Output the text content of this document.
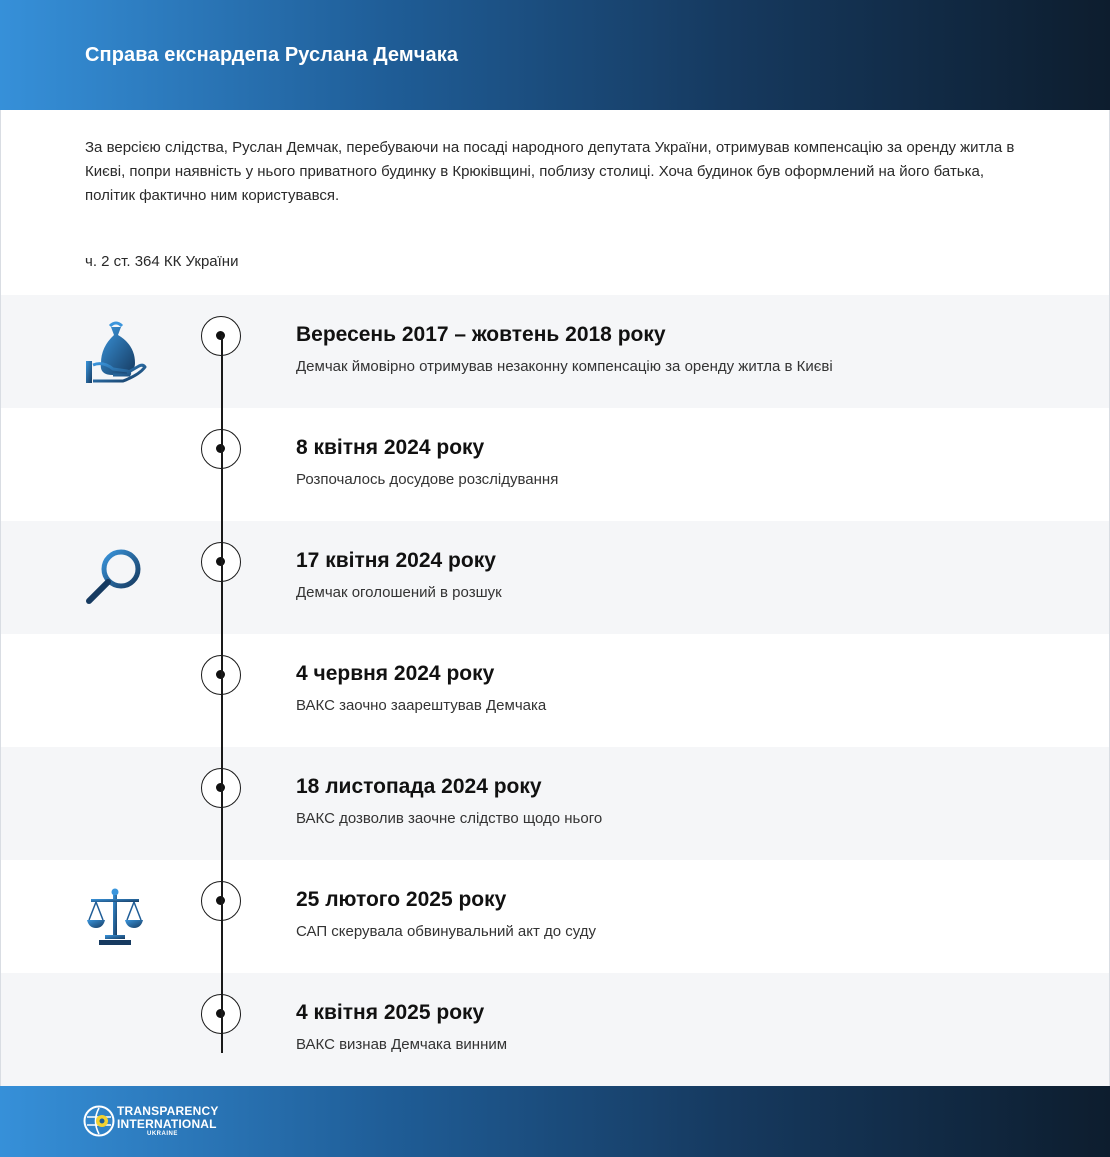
Справа екснардепа Руслана Демчака
За версією слідства, Руслан Демчак, перебуваючи на посаді народного депутата України, отримував компенсацію за оренду житла в Києві, попри наявність у нього приватного будинку в Крюківщині, поблизу столиці. Хоча будинок був оформлений на його батька, політик фактично ним користувався.
ч. 2 ст. 364 КК України
Вересень 2017 – жовтень 2018 року
Демчак ймовірно отримував незаконну компенсацію за оренду житла в Києві
8 квітня 2024 року
Розпочалось досудове розслідування
17 квітня 2024 року
Демчак оголошений в розшук
4 червня 2024 року
ВАКС заочно заарештував Демчака
18 листопада 2024 року
ВАКС дозволив заочне слідство щодо нього
25 лютого 2025 року
САП скерувала обвинувальний акт до суду
4 квітня 2025 року
ВАКС визнав Демчака винним
TRANSPARENCY
INTERNATIONAL
UKRAINE
